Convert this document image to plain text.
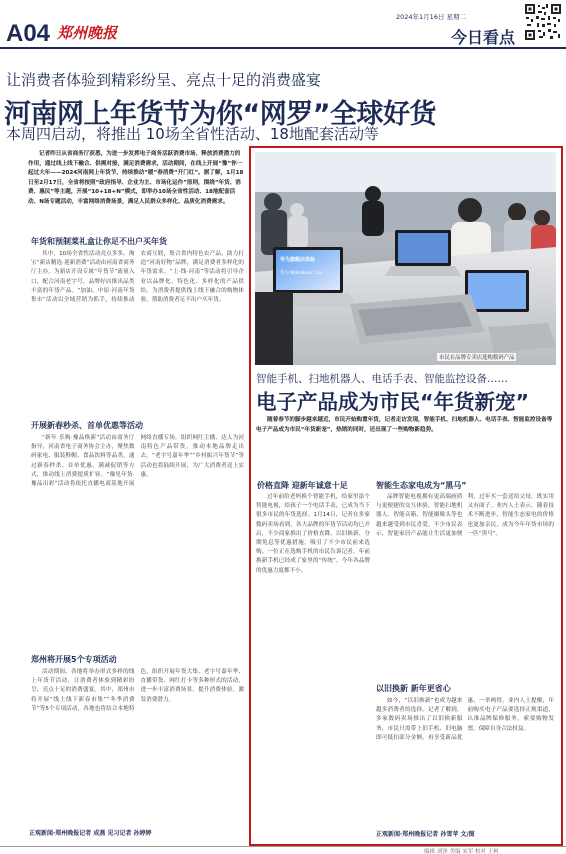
A04 郑州晚报
2024年1月16日 星期二
今日看点
让消费者体验到精彩纷呈、亮点十足的消费盛宴
河南网上年货节为你“网罗”全球好货
本周四启动，将推出 10场全省性活动、18地配套活动等
记者昨日从省商务厅获悉，为进一步发挥电子商务活跃消费市场、释放消费潜力的作用，通过线上线下融合、供需对接，满足消费需求，活动期间，在线上开展“豫”你一起过大年——2024河南网上年货节，持续推动“暖”春消费“开门红”。据了解，1月18日至2月17日，全省将按照“政府指导、企业为主、市场化运作”原则，围绕“年货、消费、惠民”等主题，开展“10+18+N”模式，即举办10场全省性活动、18地配套活动、N场专题活动，丰富网络消费场景，满足人民群众多样化、品质化消费需求。
年货和预制菜礼盒让你足不出户买年货
其中，10场全省性活动亮点多多。淘宝“新店精选·迎新消费”活动由河南省商务厅主办，为新店开设专属“年货节”流量入口，配合河南老字号、品牌好店推出品类丰富的年货产品。“加油，中原·河南年货集市”活动以全域营销为抓手，持续推动农商互联，集合省内特色农产品，助力打造“河南好物”品牌，满足消费者多样化的年货需求。“上·线·河南”等活动将引导企业以品牌化、特色化、多样化的产品供给，为消费者提供线上线下融合的购物体验，帮助消费者足不出户买年货。
开展新春秒杀、首单优惠等活动
“新年 乐购·豫品焕新”活动由商务厅指导，河南省电子商务协会主办，聚焦数码家电、服装鞋帽、食品饮料等品类，通过新春秒杀、首单优惠、满减促销等方式，推动线上消费提质扩容。“豫见年货·豫品出彩”活动将依托直播电商基地开展网络直播专场，组织网红主播、达人为河南特色产品带货，推动本地品牌走出去。“老字号嘉年华”“乡村振兴年货节”等活动也将陆续开展，为广大消费者送上实惠。
郑州将开展5个专项活动
活动期间，各地将举办形式多样的线上年货节活动，让消费者体验到精彩纷呈、亮点十足的消费盛宴。其中，郑州市将开展“线上线下新春市集”“冬季消费节”等5个专项活动，各地也将结合本地特色，组织开展年货大集、老字号嘉年华、直播带货、网红打卡等多种形式的活动，进一步丰富消费场景，提升消费体验，激发消费潜力。
正观新闻·郑州晚报记者 成燕 见习记者 孙婷婷
华为旗舰店体验
华为 MateBook 13s
市民在品牌专卖店选购数码产品
智能手机、扫地机器人、电话手表、智能监控设备……
电子产品成为市民“年货新宠”
随着春节的脚步越来越近，市民开始购置年货，记者走访发现，智能手机、扫地机器人、电话手表、智能监控设备等电子产品成为市民“年货新宠”，热销的同时，还出现了一些购物新趋势。
价格直降 迎新年诚意十足
过年前给老妈换个智能手机，给家里添个智能电视，给孩子一个电话手表，已成为当下很多市民的年货选择。1月14日，记者在多家数码卖场看到，各大品牌的年货节活动均已开启，不少商家推出了价格直降、以旧换新、分期免息等优惠措施，吸引了不少市民前来选购。一位正在选购手机的市民告诉记者，年前换新手机已经成了家里的“传统”，今年各品牌的优惠力度都不小。
智能生态家电成为“黑马”
品牌智能电视拥有更高端画质与更便捷的交互体验，智能扫地机器人、智能音箱、智能摄像头等也越来越受到市民喜爱。不少市民表示，智能家居产品能让生活更加便利，过年买一套送给父母，既实用又有面子。业内人士表示，随着技术不断进步，智能生态家电的价格也更加亲民，成为今年年货市场的一匹“黑马”。
以旧换新 新年更省心
如今，“以旧换新”也成为越来越多消费者的选择。记者了解到，多家数码卖场推出了以旧换新服务，市民只需带上旧手机、旧电脑即可抵扣部分金额，再享受新品优惠，一举两得。业内人士提醒，年前购买电子产品要选择正规渠道，认准品牌保修服务，索要购物发票，保障自身合法权益。
正观新闻·郑州晚报记者 孙雪苹 文/图
编辑 刘泽 美编 宋军 校对 王柯
